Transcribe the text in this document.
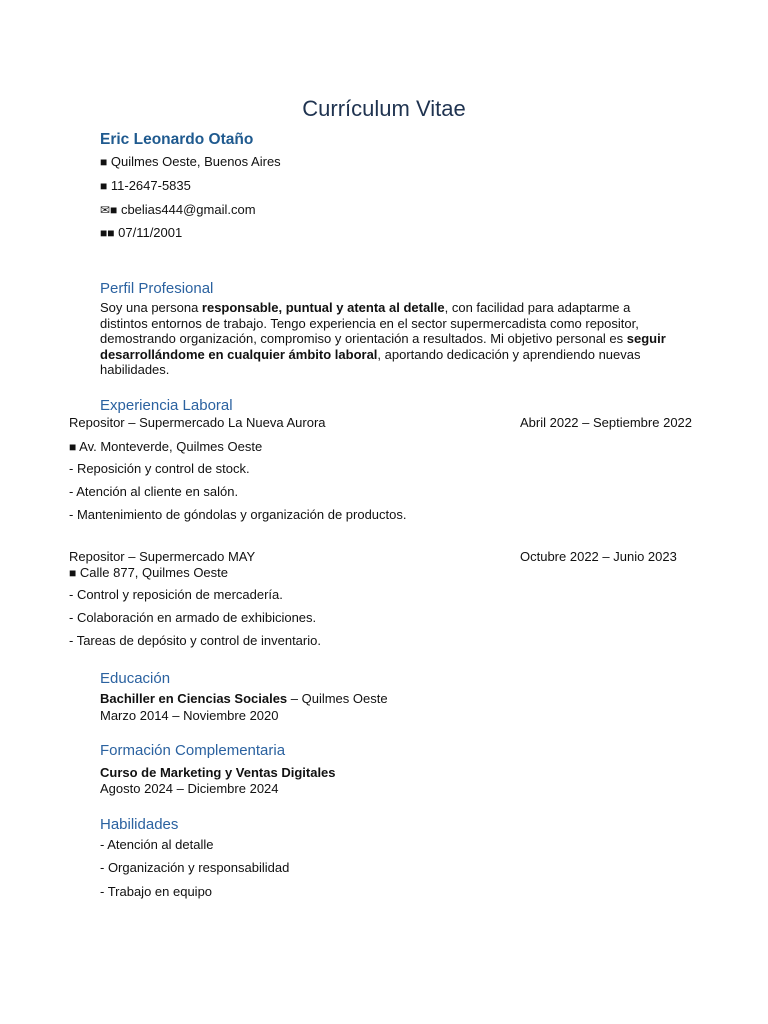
Currículum Vitae
Eric Leonardo Otaño
■ Quilmes Oeste, Buenos Aires
■ 11-2647-5835
✉■ cbelias444@gmail.com
■■ 07/11/2001
Perfil Profesional
Soy una persona responsable, puntual y atenta al detalle, con facilidad para adaptarme a distintos entornos de trabajo. Tengo experiencia en el sector supermercadista como repositor, demostrando organización, compromiso y orientación a resultados. Mi objetivo personal es seguir desarrollándome en cualquier ámbito laboral, aportando dedicación y aprendiendo nuevas habilidades.
Experiencia Laboral
Repositor – Supermercado La Nueva Aurora	Abril 2022 – Septiembre 2022
■ Av. Monteverde, Quilmes Oeste
- Reposición y control de stock.
- Atención al cliente en salón.
- Mantenimiento de góndolas y organización de productos.
Repositor – Supermercado MAY	Octubre 2022 – Junio 2023
■ Calle 877, Quilmes Oeste
- Control y reposición de mercadería.
- Colaboración en armado de exhibiciones.
- Tareas de depósito y control de inventario.
Educación
Bachiller en Ciencias Sociales – Quilmes Oeste
Marzo 2014 – Noviembre 2020
Formación Complementaria
Curso de Marketing y Ventas Digitales
Agosto 2024 – Diciembre 2024
Habilidades
- Atención al detalle
- Organización y responsabilidad
- Trabajo en equipo
